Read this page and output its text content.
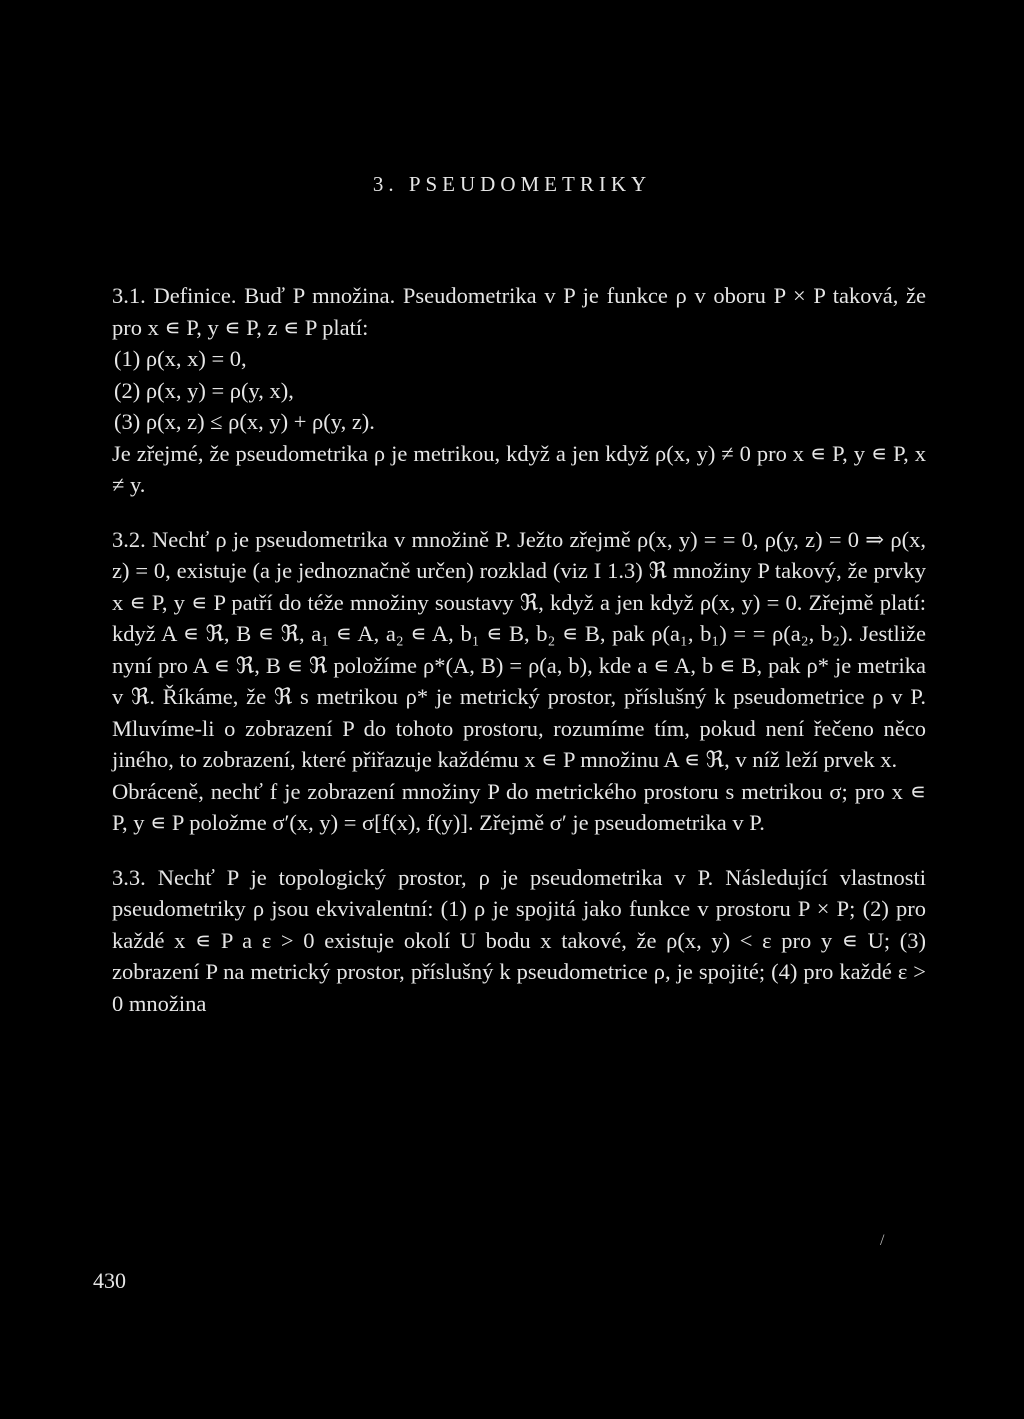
3. PSEUDOMETRIKY

3.1. Definice. Buď P množina. Pseudometrika v P je funkce ρ v oboru P × P taková, že pro x ∊ P, y ∊ P, z ∊ P platí:

(1) ρ(x, x) = 0,

(2) ρ(x, y) = ρ(y, x),

(3) ρ(x, z) ≤ ρ(x, y) + ρ(y, z).

Je zřejmé, že pseudometrika ρ je metrikou, když a jen když ρ(x, y) ≠ 0 pro x ∊ P, y ∊ P, x ≠ y.

3.2. Nechť ρ je pseudometrika v množině P. Ježto zřejmě ρ(x, y) = = 0, ρ(y, z) = 0 ⇒ ρ(x, z) = 0, existuje (a je jednoznačně určen) rozklad (viz I 1.3) ℜ množiny P takový, že prvky x ∊ P, y ∊ P patří do téže množiny soustavy ℜ, když a jen když ρ(x, y) = 0. Zřejmě platí: když A ∊ ℜ, B ∊ ℜ, a₁ ∊ A, a₂ ∊ A, b₁ ∊ B, b₂ ∊ B, pak ρ(a₁, b₁) = = ρ(a₂, b₂). Jestliže nyní pro A ∊ ℜ, B ∊ ℜ položíme ρ*(A, B) = ρ(a, b), kde a ∊ A, b ∊ B, pak ρ* je metrika v ℜ. Říkáme, že ℜ s metrikou ρ* je metrický prostor, příslušný k pseudometrice ρ v P. Mluvíme-li o zobrazení P do tohoto prostoru, rozumíme tím, pokud není řečeno něco jiného, to zobrazení, které přiřazuje každému x ∊ P množinu A ∊ ℜ, v níž leží prvek x.

Obráceně, nechť f je zobrazení množiny P do metrického prostoru s metrikou σ; pro x ∊ P, y ∊ P položme σ′(x, y) = σ[f(x), f(y)]. Zřejmě σ′ je pseudometrika v P.

3.3. Nechť P je topologický prostor, ρ je pseudometrika v P. Následující vlastnosti pseudometriky ρ jsou ekvivalentní: (1) ρ je spojitá jako funkce v prostoru P × P; (2) pro každé x ∊ P a ε > 0 existuje okolí U bodu x takové, že ρ(x, y) < ε pro y ∊ U; (3) zobrazení P na metrický prostor, příslušný k pseudometrice ρ, je spojité; (4) pro každé ε > 0 množina

/
430
